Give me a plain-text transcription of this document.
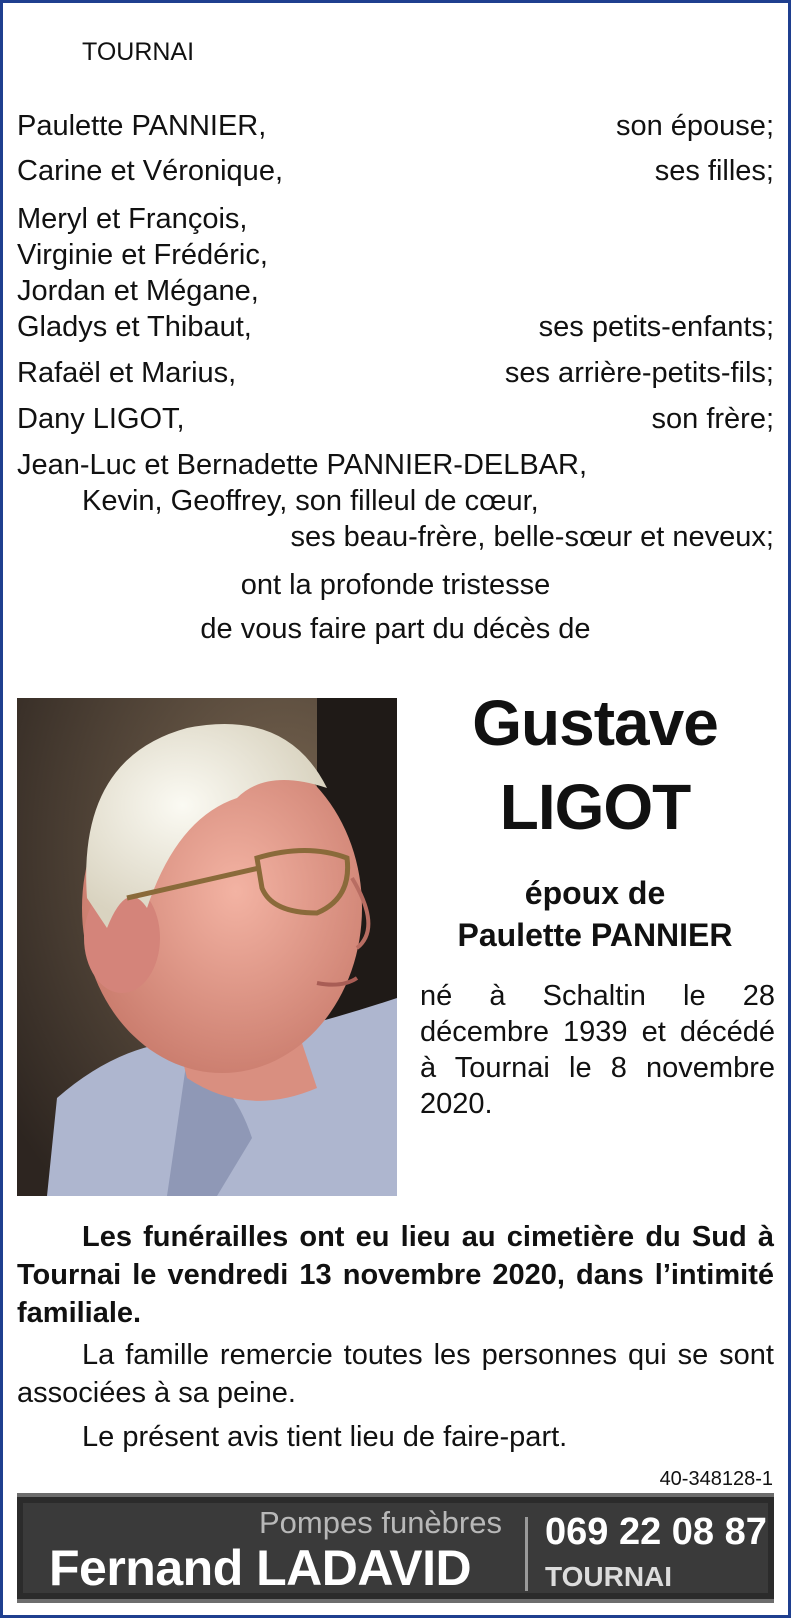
TOURNAI
Paulette PANNIER,	son épouse;
Carine et Véronique,	ses filles;
Meryl et François,
Virginie et Frédéric,
Jordan et Mégane,
Gladys et Thibaut,	ses petits-enfants;
Rafaël et Marius,	ses arrière-petits-fils;
Dany LIGOT,	son frère;
Jean-Luc et Bernadette PANNIER-DELBAR,
Kevin, Geoffrey, son filleul de cœur,
ses beau-frère, belle-sœur et neveux;
ont la profonde tristesse
de vous faire part du décès de
Gustave
LIGOT
époux de
Paulette PANNIER
né à Schaltin le 28 décembre 1939 et décédé à Tournai le 8 novembre 2020.
Les funérailles ont eu lieu au cimetière du Sud à Tournai le vendredi 13 novembre 2020, dans l’intimité familiale.
La famille remercie toutes les personnes qui se sont associées à sa peine.
Le présent avis tient lieu de faire-part.
40-348128-1
Pompes funèbres
Fernand LADAVID
069 22 08 87
TOURNAI
